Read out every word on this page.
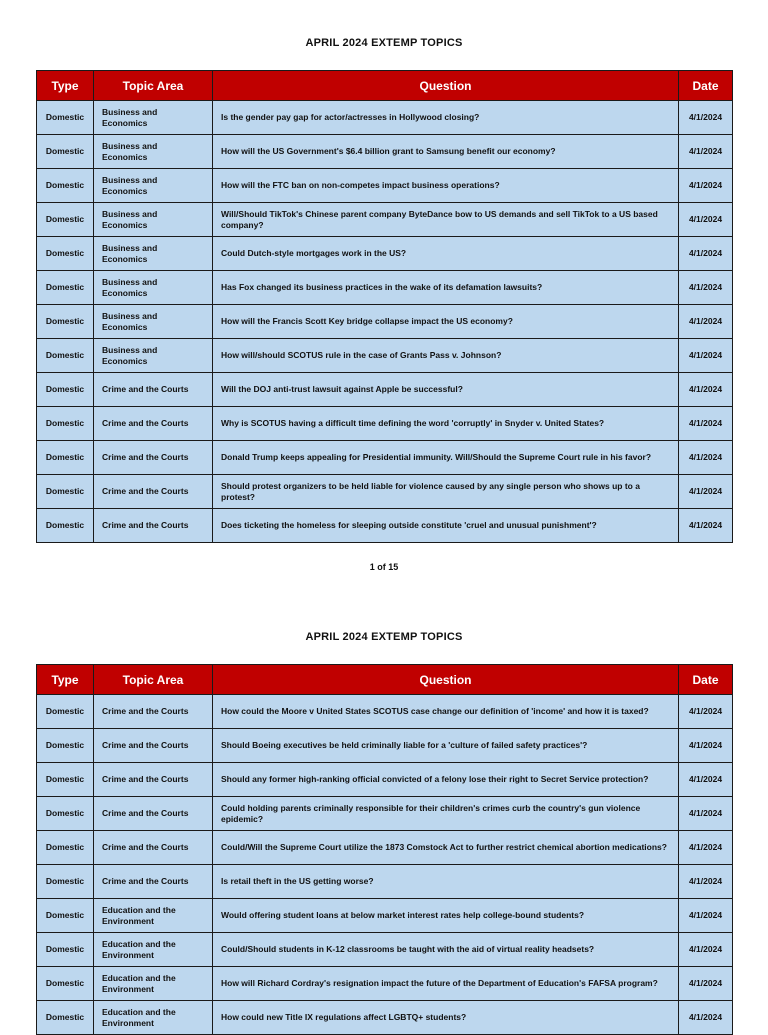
APRIL 2024 EXTEMP TOPICS
Type	Topic Area	Question	Date
Domestic	Business and Economics	Is the gender pay gap for actor/actresses in Hollywood closing?	4/1/2024
Domestic	Business and Economics	How will the US Government's $6.4 billion grant to Samsung benefit our economy?	4/1/2024
Domestic	Business and Economics	How will the FTC ban on non-competes impact business operations?	4/1/2024
Domestic	Business and Economics	Will/Should TikTok's Chinese parent company ByteDance bow to US demands and sell TikTok to a US based company?	4/1/2024
Domestic	Business and Economics	Could Dutch-style mortgages work in the US?	4/1/2024
Domestic	Business and Economics	Has Fox changed its business practices in the wake of its defamation lawsuits?	4/1/2024
Domestic	Business and Economics	How will the Francis Scott Key bridge collapse impact the US economy?	4/1/2024
Domestic	Business and Economics	How will/should SCOTUS rule in the case of Grants Pass v. Johnson?	4/1/2024
Domestic	Crime and the Courts	Will the DOJ anti-trust lawsuit against Apple be successful?	4/1/2024
Domestic	Crime and the Courts	Why is SCOTUS having a difficult time defining the word 'corruptly' in Snyder v. United States?	4/1/2024
Domestic	Crime and the Courts	Donald Trump keeps appealing for Presidential immunity. Will/Should the Supreme Court rule in his favor?	4/1/2024
Domestic	Crime and the Courts	Should protest organizers to be held liable for violence caused by any single person who shows up to a protest?	4/1/2024
Domestic	Crime and the Courts	Does ticketing the homeless for sleeping outside constitute 'cruel and unusual punishment'?	4/1/2024
1 of 15
APRIL 2024 EXTEMP TOPICS
Type	Topic Area	Question	Date
Domestic	Crime and the Courts	How could the Moore v United States SCOTUS case change our definition of 'income' and how it is taxed?	4/1/2024
Domestic	Crime and the Courts	Should Boeing executives be held criminally liable for a 'culture of failed safety practices'?	4/1/2024
Domestic	Crime and the Courts	Should any former high-ranking official convicted of a felony lose their right to Secret Service protection?	4/1/2024
Domestic	Crime and the Courts	Could holding parents criminally responsible for their children's crimes curb the country's gun violence epidemic?	4/1/2024
Domestic	Crime and the Courts	Could/Will the Supreme Court utilize the 1873 Comstock Act to further restrict chemical abortion medications?	4/1/2024
Domestic	Crime and the Courts	Is retail theft in the US getting worse?	4/1/2024
Domestic	Education and the Environment	Would offering student loans at below market interest rates help college-bound students?	4/1/2024
Domestic	Education and the Environment	Could/Should students in K-12 classrooms be taught with the aid of virtual reality headsets?	4/1/2024
Domestic	Education and the Environment	How will Richard Cordray's resignation impact the future of the Department of Education's FAFSA program?	4/1/2024
Domestic	Education and the Environment	How could new Title IX regulations affect LGBTQ+ students?	4/1/2024
